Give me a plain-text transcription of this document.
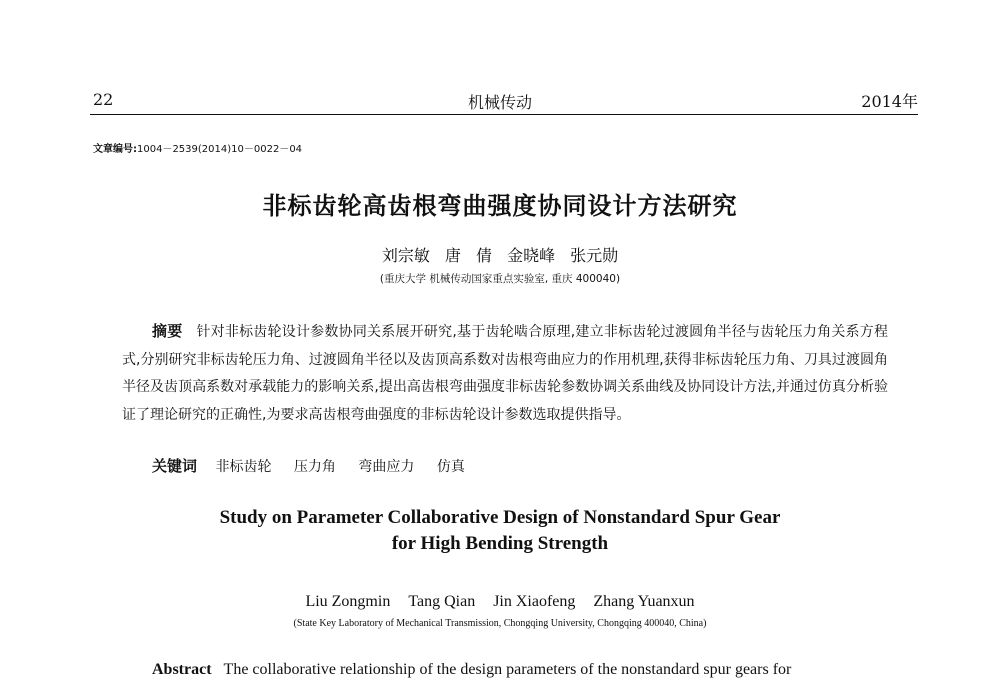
22	机械传动	2014年
文章编号:1004－2539(2014)10－0022－04
非标齿轮高齿根弯曲强度协同设计方法研究
刘宗敏 唐 倩 金晓峰 张元勋
(重庆大学 机械传动国家重点实验室, 重庆 400040)

摘要 针对非标齿轮设计参数协同关系展开研究,基于齿轮啮合原理,建立非标齿轮过渡圆角半径与齿轮压力角关系方程式,分别研究非标齿轮压力角、过渡圆角半径以及齿顶高系数对齿根弯曲应力的作用机理,获得非标齿轮压力角、刀具过渡圆角半径及齿顶高系数对承载能力的影响关系,提出高齿根弯曲强度非标齿轮参数协调关系曲线及协同设计方法,并通过仿真分析验证了理论研究的正确性,为要求高齿根弯曲强度的非标齿轮设计参数选取提供指导。

关键词 非标齿轮 压力角 弯曲应力 仿真
Study on Parameter Collaborative Design of Nonstandard Spur Gear
for High Bending Strength
Liu Zongmin Tang Qian Jin Xiaofeng Zhang Yuanxun
(State Key Laboratory of Mechanical Transmission, Chongqing University, Chongqing 400040, China)
Abstract The collaborative relationship of the design parameters of the nonstandard spur gears for
